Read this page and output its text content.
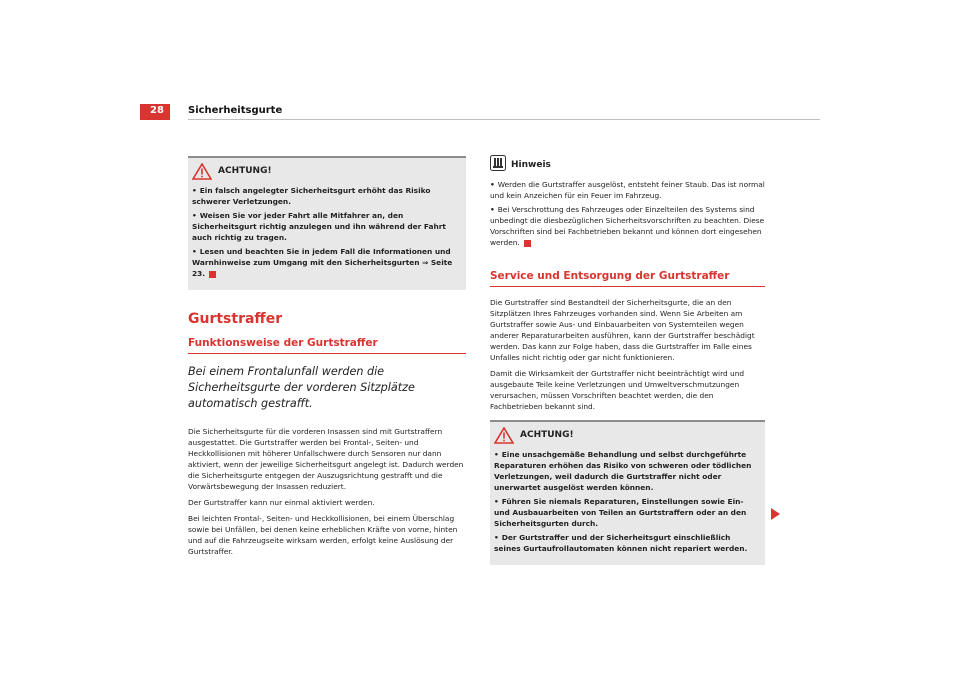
28 Sicherheitsgurte
ACHTUNG!
• Ein falsch angelegter Sicherheitsgurt erhöht das Risiko schwerer Verletzungen.
• Weisen Sie vor jeder Fahrt alle Mitfahrer an, den Sicherheitsgurt richtig anzulegen und ihn während der Fahrt auch richtig zu tragen.
• Lesen und beachten Sie in jedem Fall die Informationen und Warnhinweise zum Umgang mit den Sicherheitsgurten ⇒ Seite 23.
Gurtstraffer
Funktionsweise der Gurtstraffer
Bei einem Frontalunfall werden die Sicherheitsgurte der vorderen Sitzplätze automatisch gestrafft.
Die Sicherheitsgurte für die vorderen Insassen sind mit Gurtstraffern ausgestattet. Die Gurtstraffer werden bei Frontal-, Seiten- und Heckkollisionen mit höherer Unfallschwere durch Sensoren nur dann aktiviert, wenn der jeweilige Sicherheitsgurt angelegt ist. Dadurch werden die Sicherheitsgurte entgegen der Auszugsrichtung gestrafft und die Vorwärtsbewegung der Insassen reduziert.
Der Gurtstraffer kann nur einmal aktiviert werden.
Bei leichten Frontal-, Seiten- und Heckkollisionen, bei einem Überschlag sowie bei Unfällen, bei denen keine erheblichen Kräfte von vorne, hinten und auf die Fahrzeugseite wirksam werden, erfolgt keine Auslösung der Gurtstraffer.
Hinweis
• Werden die Gurtstraffer ausgelöst, entsteht feiner Staub. Das ist normal und kein Anzeichen für ein Feuer im Fahrzeug.
• Bei Verschrottung des Fahrzeuges oder Einzelteilen des Systems sind unbedingt die diesbezüglichen Sicherheitsvorschriften zu beachten. Diese Vorschriften sind bei Fachbetrieben bekannt und können dort eingesehen werden.
Service und Entsorgung der Gurtstraffer
Die Gurtstraffer sind Bestandteil der Sicherheitsgurte, die an den Sitzplätzen Ihres Fahrzeuges vorhanden sind. Wenn Sie Arbeiten am Gurtstraffer sowie Aus- und Einbauarbeiten von Systemteilen wegen anderer Reparaturarbeiten ausführen, kann der Gurtstraffer beschädigt werden. Das kann zur Folge haben, dass die Gurtstraffer im Falle eines Unfalles nicht richtig oder gar nicht funktionieren.
Damit die Wirksamkeit der Gurtstraffer nicht beeinträchtigt wird und ausgebaute Teile keine Verletzungen und Umweltverschmutzungen verursachen, müssen Vorschriften beachtet werden, die den Fachbetrieben bekannt sind.
ACHTUNG!
• Eine unsachgemäße Behandlung und selbst durchgeführte Reparaturen erhöhen das Risiko von schweren oder tödlichen Verletzungen, weil dadurch die Gurtstraffer nicht oder unerwartet ausgelöst werden können.
• Führen Sie niemals Reparaturen, Einstellungen sowie Ein- und Ausbauarbeiten von Teilen an Gurtstraffern oder an den Sicherheitsgurten durch.
• Der Gurtstraffer und der Sicherheitsgurt einschließlich seines Gurtaufrollautomaten können nicht repariert werden.
